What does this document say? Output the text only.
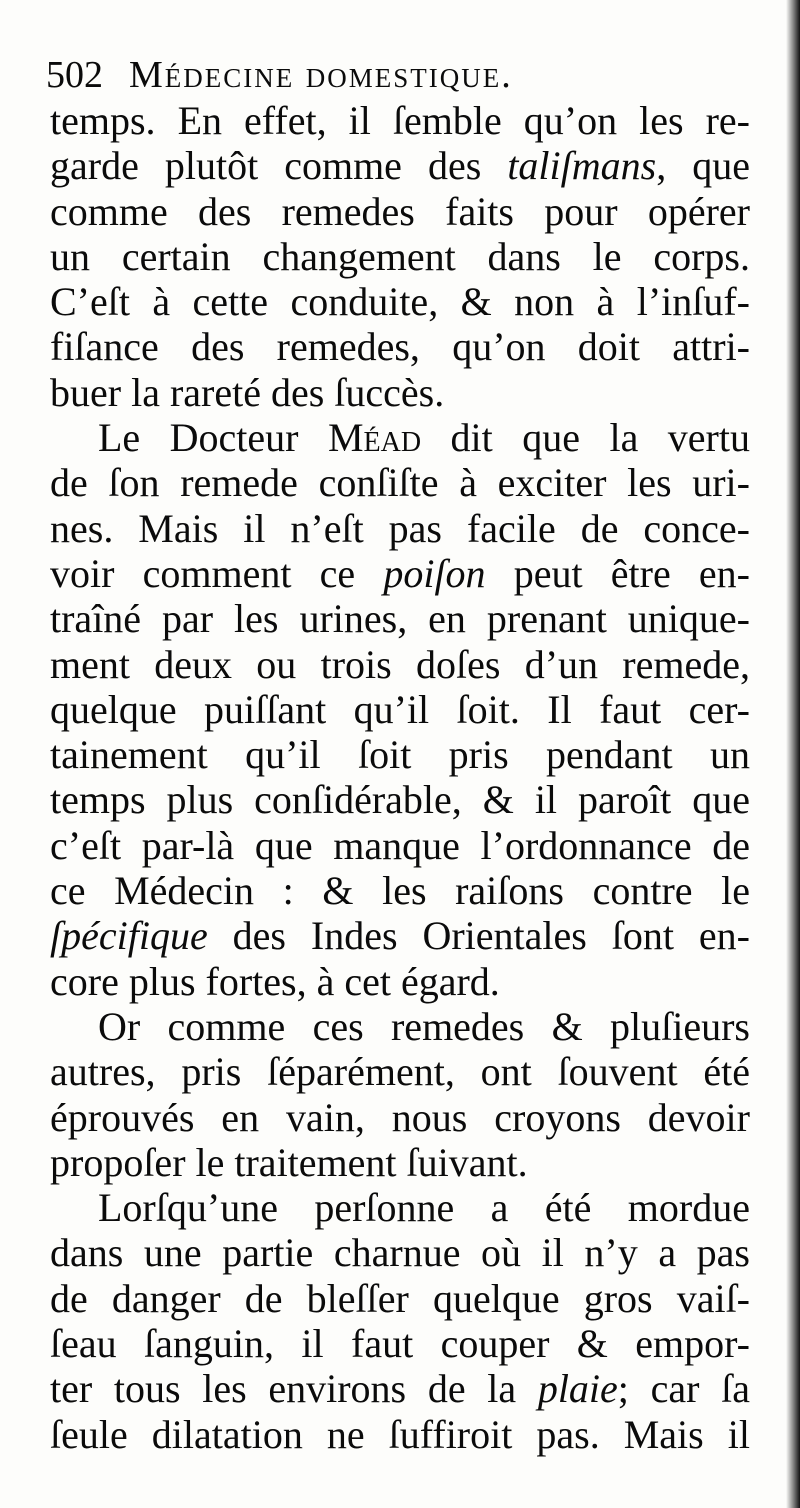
502 Médecine domestique.
temps. En effet, il ſemble qu’on les re-
garde plutôt comme des taliſmans, que
comme des remedes faits pour opérer
un certain changement dans le corps.
C’eſt à cette conduite, & non à l’inſuf-
fiſance des remedes, qu’on doit attri-
buer la rareté des ſuccès.
Le Docteur Méad dit que la vertu
de ſon remede conſiſte à exciter les uri-
nes. Mais il n’eſt pas facile de conce-
voir comment ce poiſon peut être en-
traîné par les urines, en prenant unique-
ment deux ou trois doſes d’un remede,
quelque puiſſant qu’il ſoit. Il faut cer-
tainement qu’il ſoit pris pendant un
temps plus conſidérable, & il paroît que
c’eſt par-là que manque l’ordonnance de
ce Médecin : & les raiſons contre le
ſpécifique des Indes Orientales ſont en-
core plus fortes, à cet égard.
Or comme ces remedes & pluſieurs
autres, pris ſéparément, ont ſouvent été
éprouvés en vain, nous croyons devoir
propoſer le traitement ſuivant.
Lorſqu’une perſonne a été mordue
dans une partie charnue où il n’y a pas
de danger de bleſſer quelque gros vaiſ-
ſeau ſanguin, il faut couper & empor-
ter tous les environs de la plaie; car ſa
ſeule dilatation ne ſuffiroit pas. Mais il
